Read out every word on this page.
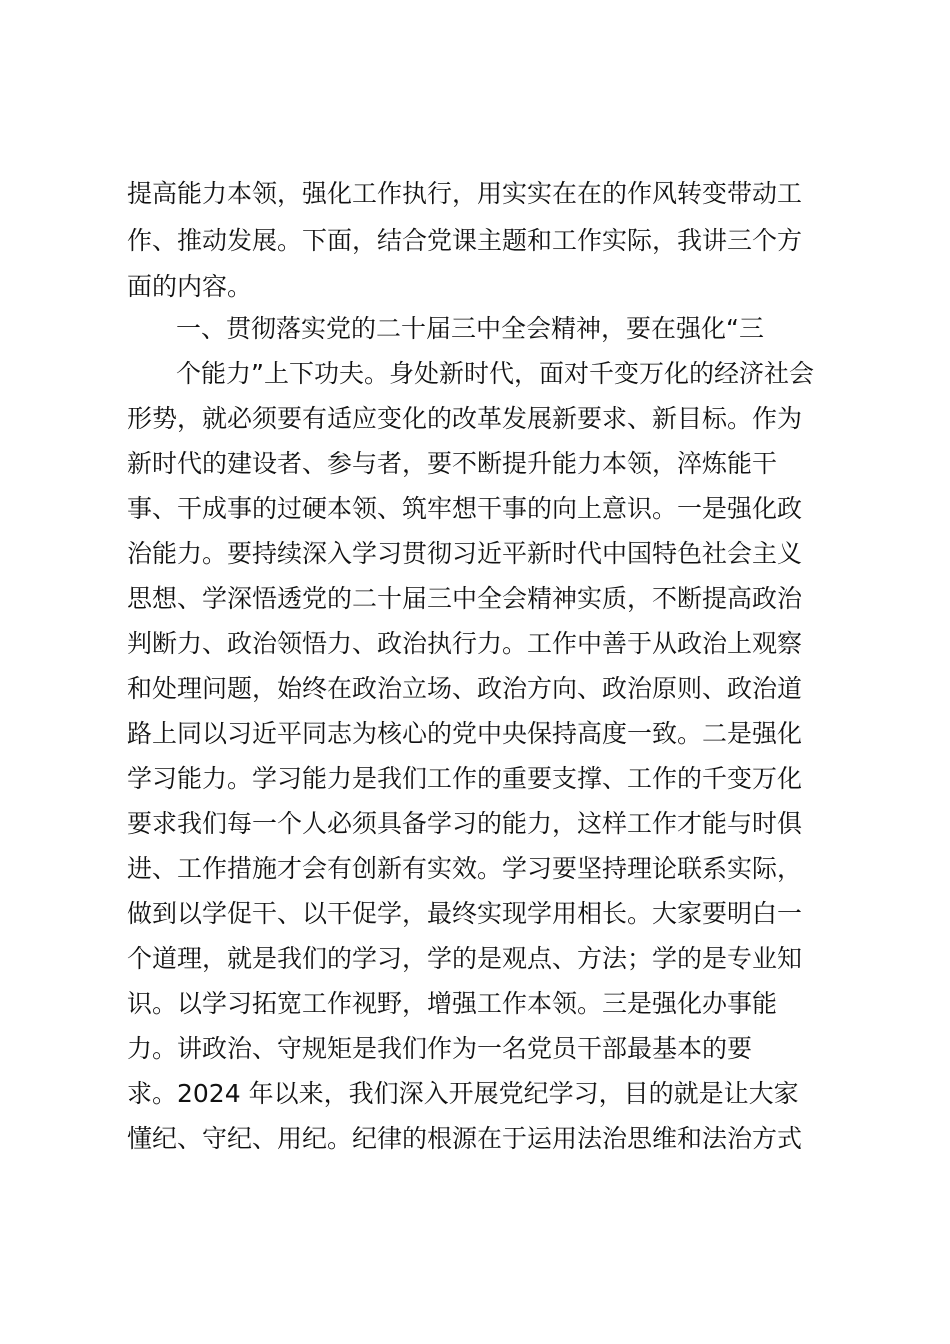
提高能力本领，强化工作执行，用实实在在的作风转变带动工
作、推动发展。下面，结合党课主题和工作实际，我讲三个方
面的内容。
一、贯彻落实党的二十届三中全会精神，要在强化“三
个能力”上下功夫。身处新时代，面对千变万化的经济社会
形势，就必须要有适应变化的改革发展新要求、新目标。作为
新时代的建设者、参与者，要不断提升能力本领，淬炼能干
事、干成事的过硬本领、筑牢想干事的向上意识。一是强化政
治能力。要持续深入学习贯彻习近平新时代中国特色社会主义
思想、学深悟透党的二十届三中全会精神实质，不断提高政治
判断力、政治领悟力、政治执行力。工作中善于从政治上观察
和处理问题，始终在政治立场、政治方向、政治原则、政治道
路上同以习近平同志为核心的党中央保持高度一致。二是强化
学习能力。学习能力是我们工作的重要支撑、工作的千变万化
要求我们每一个人必须具备学习的能力，这样工作才能与时俱
进、工作措施才会有创新有实效。学习要坚持理论联系实际，
做到以学促干、以干促学，最终实现学用相长。大家要明白一
个道理，就是我们的学习，学的是观点、方法；学的是专业知
识。以学习拓宽工作视野，增强工作本领。三是强化办事能
力。讲政治、守规矩是我们作为一名党员干部最基本的要
求。2024 年以来，我们深入开展党纪学习，目的就是让大家
懂纪、守纪、用纪。纪律的根源在于运用法治思维和法治方式
